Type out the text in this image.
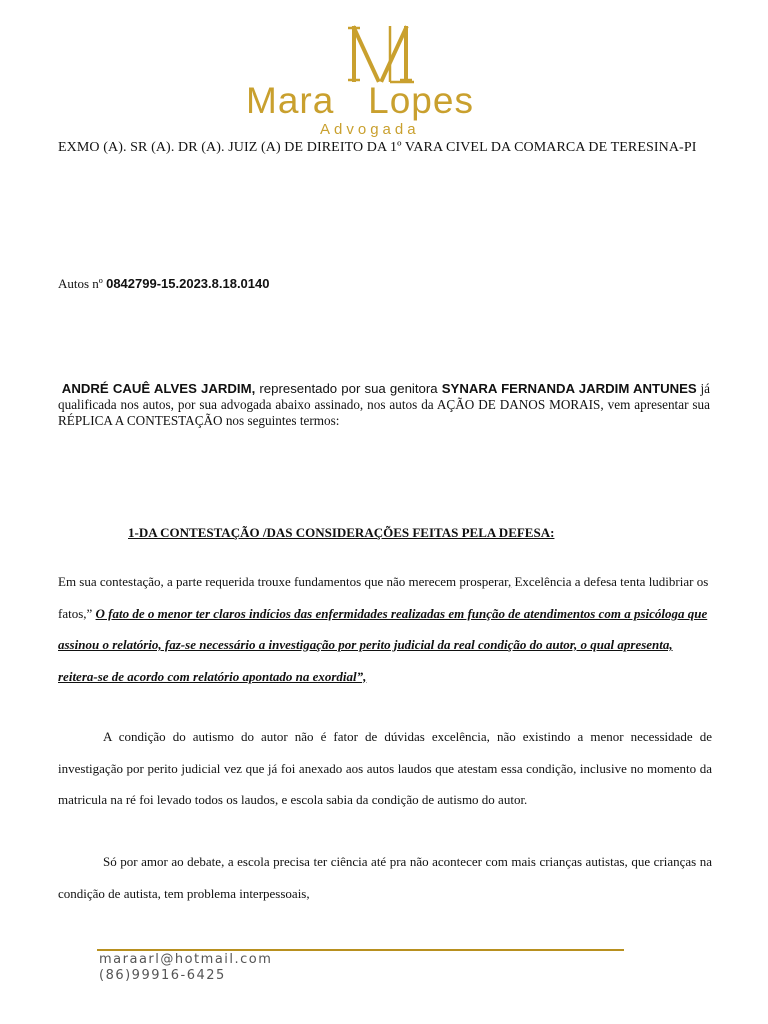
Mara   Lopes
Advogada
EXMO (A). SR (A). DR (A). JUIZ (A) DE DIREITO DA 1º VARA CIVEL DA COMARCA DE TERESINA-PI
Autos nº 0842799-15.2023.8.18.0140
ANDRÉ CAUÊ ALVES JARDIM, representado por sua genitora SYNARA FERNANDA JARDIM ANTUNES já qualificada nos autos, por sua advogada abaixo assinado, nos autos da AÇÃO DE DANOS MORAIS, vem apresentar sua RÉPLICA A CONTESTAÇÃO nos seguintes termos:
1-DA CONTESTAÇÃO /DAS CONSIDERAÇÕES FEITAS PELA DEFESA:
Em sua contestação, a parte requerida trouxe fundamentos que não merecem prosperar, Excelência a defesa tenta ludibriar os fatos,” O fato de o menor ter claros indícios das enfermidades realizadas em função de atendimentos com a psicóloga que assinou o relatório, faz-se necessário a investigação por perito judicial da real condição do autor, o qual apresenta, reitera-se de acordo com relatório apontado na exordial”,
A condição do autismo do autor não é fator de dúvidas excelência, não existindo a menor necessidade de investigação por perito judicial vez que já foi anexado aos autos laudos que atestam essa condição, inclusive no momento da matricula na ré foi levado todos os laudos, e escola sabia da condição de autismo do autor.
Só por amor ao debate, a escola precisa ter ciência até pra não acontecer com mais crianças autistas, que crianças na condição de autista, tem problema interpessoais,
maraarl@hotmail.com
(86)99916-6425
